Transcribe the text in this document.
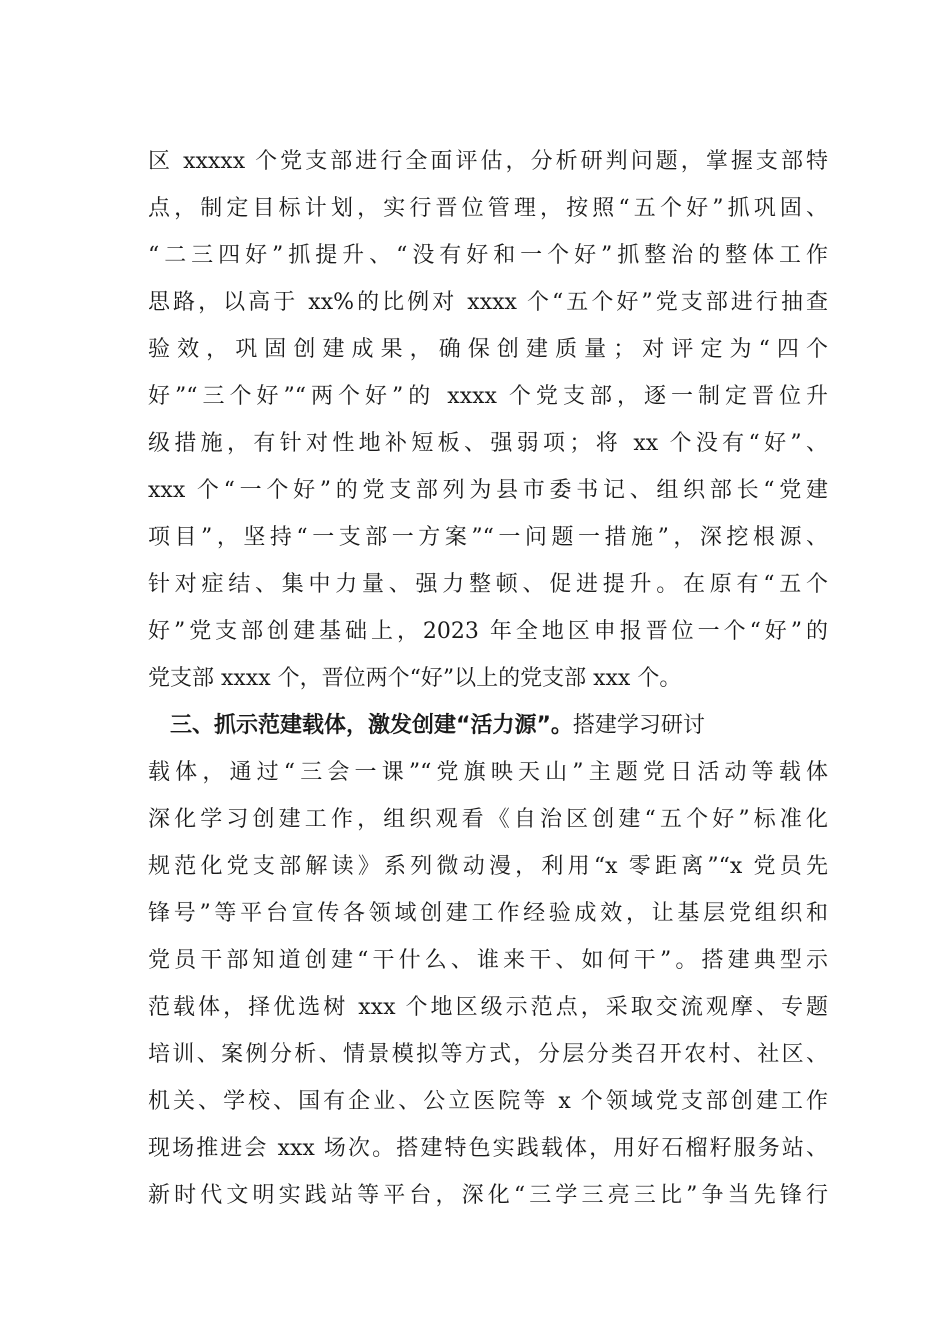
区 xxxxx 个党支部进行全面评估，分析研判问题，掌握支部特
点，制定目标计划，实行晋位管理，按照“五个好”抓巩固、
“二三四好”抓提升、“没有好和一个好”抓整治的整体工作
思路，以高于 xx%的比例对 xxxx 个“五个好”党支部进行抽查
验效，巩固创建成果，确保创建质量；对评定为“四个
好”“三个好”“两个好”的 xxxx 个党支部，逐一制定晋位升
级措施，有针对性地补短板、强弱项；将 xx 个没有“好”、
xxx 个“一个好”的党支部列为县市委书记、组织部长“党建
项目”，坚持“一支部一方案”“一问题一措施”，深挖根源、
针对症结、集中力量、强力整顿、促进提升。在原有“五个
好”党支部创建基础上，2023 年全地区申报晋位一个“好”的
党支部 xxxx 个，晋位两个“好”以上的党支部 xxx 个。
三、抓示范建载体，激发创建“活力源”。搭建学习研讨
载体，通过“三会一课”“党旗映天山”主题党日活动等载体
深化学习创建工作，组织观看《自治区创建“五个好”标准化
规范化党支部解读》系列微动漫，利用“x 零距离”“x 党员先
锋号”等平台宣传各领域创建工作经验成效，让基层党组织和
党员干部知道创建“干什么、谁来干、如何干”。搭建典型示
范载体，择优选树 xxx 个地区级示范点，采取交流观摩、专题
培训、案例分析、情景模拟等方式，分层分类召开农村、社区、
机关、学校、国有企业、公立医院等 x 个领域党支部创建工作
现场推进会 xxx 场次。搭建特色实践载体，用好石榴籽服务站、
新时代文明实践站等平台，深化“三学三亮三比”争当先锋行
